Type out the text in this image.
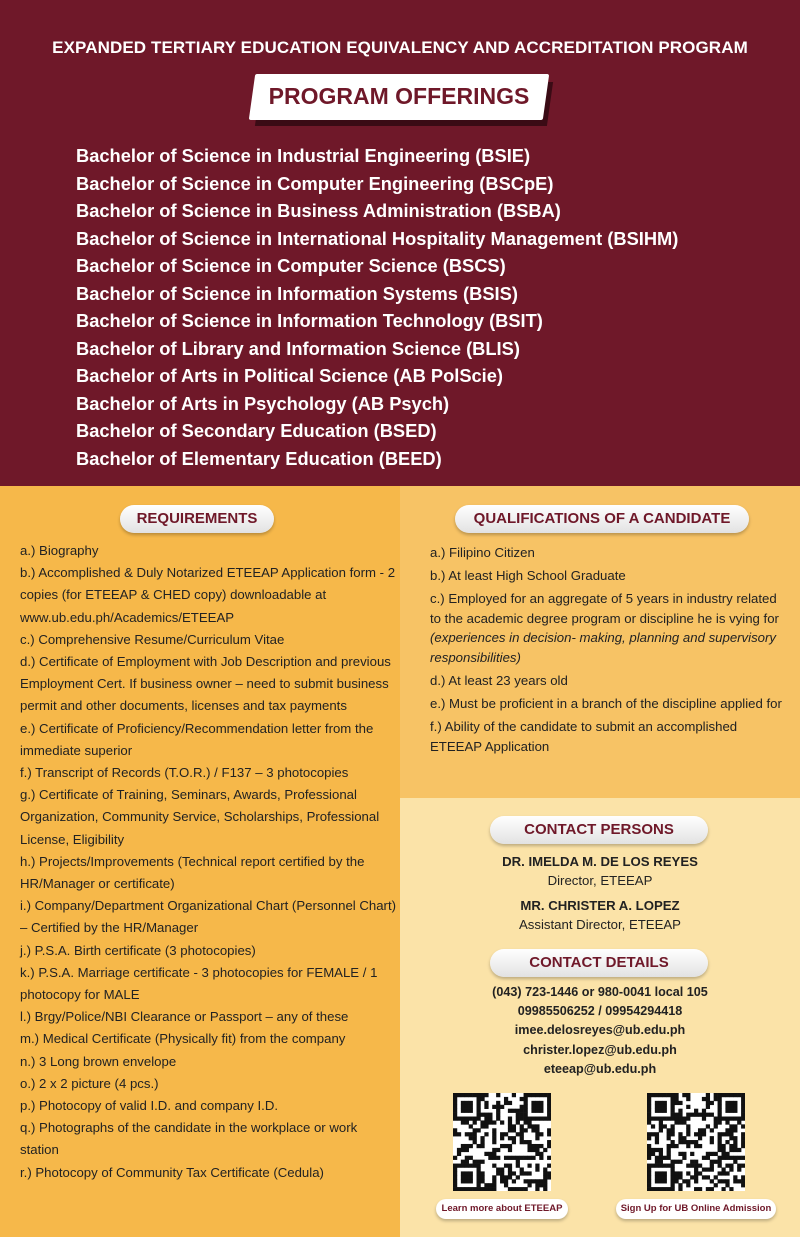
EXPANDED TERTIARY EDUCATION EQUIVALENCY AND ACCREDITATION PROGRAM
PROGRAM OFFERINGS
Bachelor of Science in Industrial Engineering (BSIE)
Bachelor of Science in Computer Engineering (BSCpE)
Bachelor of Science in Business Administration (BSBA)
Bachelor of Science in International Hospitality Management (BSIHM)
Bachelor of Science in Computer Science (BSCS)
Bachelor of Science in Information Systems (BSIS)
Bachelor of Science in Information Technology (BSIT)
Bachelor of Library and Information Science (BLIS)
Bachelor of Arts in Political Science (AB PolScie)
Bachelor of Arts in Psychology (AB Psych)
Bachelor of Secondary Education (BSED)
Bachelor of Elementary Education (BEED)
REQUIREMENTS
a.) Biography
b.) Accomplished & Duly Notarized ETEEAP Application form - 2 copies (for ETEEAP & CHED copy) downloadable at www.ub.edu.ph/Academics/ETEEAP
c.) Comprehensive Resume/Curriculum Vitae
d.) Certificate of Employment with Job Description and previous Employment Cert. If business owner – need to submit business permit and other documents, licenses and tax payments
e.) Certificate of Proficiency/Recommendation letter from the immediate superior
f.) Transcript of Records (T.O.R.) / F137 – 3 photocopies
g.) Certificate of Training, Seminars, Awards, Professional Organization, Community Service, Scholarships, Professional License, Eligibility
h.) Projects/Improvements (Technical report certified by the HR/Manager or certificate)
i.) Company/Department Organizational Chart (Personnel Chart) – Certified by the HR/Manager
j.) P.S.A. Birth certificate (3 photocopies)
k.) P.S.A. Marriage certificate - 3 photocopies for FEMALE / 1 photocopy for MALE
l.) Brgy/Police/NBI Clearance or Passport – any of these
m.) Medical Certificate (Physically fit) from the company
n.) 3 Long brown envelope
o.) 2 x 2 picture (4 pcs.)
p.) Photocopy of valid I.D. and company I.D.
q.) Photographs of the candidate in the workplace or work station
r.) Photocopy of Community Tax Certificate (Cedula)
QUALIFICATIONS OF A CANDIDATE
a.) Filipino Citizen
b.) At least High School Graduate
c.) Employed for an aggregate of 5 years in industry related to the academic degree program or discipline he is vying for (experiences in decision- making, planning and supervisory responsibilities)
d.) At least 23 years old
e.) Must be proficient in a branch of the discipline applied for
f.) Ability of the candidate to submit an accomplished ETEEAP Application
CONTACT PERSONS
DR. IMELDA M. DE LOS REYES
Director, ETEEAP
MR. CHRISTER A. LOPEZ
Assistant Director, ETEEAP
CONTACT DETAILS
(043) 723-1446 or 980-0041 local 105
09985506252 / 09954294418
imee.delosreyes@ub.edu.ph
christer.lopez@ub.edu.ph
eteeap@ub.edu.ph
Learn more about ETEEAP	Sign Up for UB Online Admission
